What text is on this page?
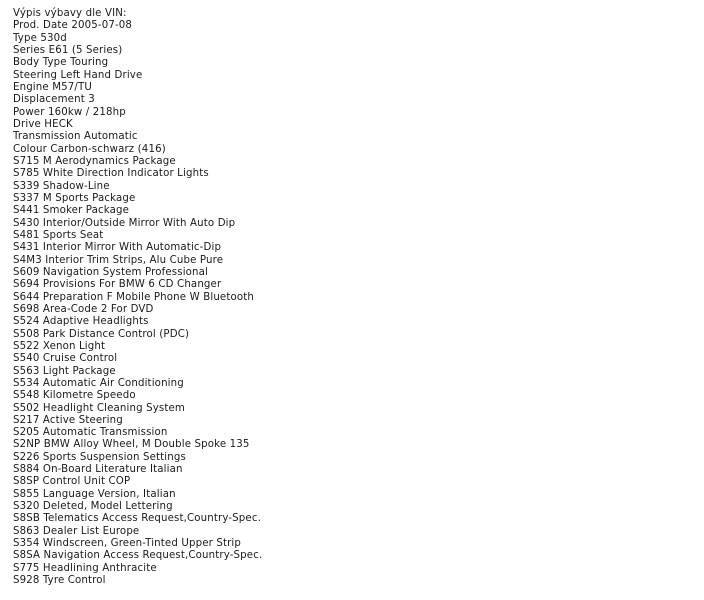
Výpis výbavy dle VIN:
Prod. Date 2005-07-08
Type 530d
Series E61 (5 Series)
Body Type Touring
Steering Left Hand Drive
Engine M57/TU
Displacement 3
Power 160kw / 218hp
Drive HECK
Transmission Automatic
Colour Carbon-schwarz (416)
S715 M Aerodynamics Package
S785 White Direction Indicator Lights
S339 Shadow-Line
S337 M Sports Package
S441 Smoker Package
S430 Interior/Outside Mirror With Auto Dip
S481 Sports Seat
S431 Interior Mirror With Automatic-Dip
S4M3 Interior Trim Strips, Alu Cube Pure
S609 Navigation System Professional
S694 Provisions For BMW 6 CD Changer
S644 Preparation F Mobile Phone W Bluetooth
S698 Area-Code 2 For DVD
S524 Adaptive Headlights
S508 Park Distance Control (PDC)
S522 Xenon Light
S540 Cruise Control
S563 Light Package
S534 Automatic Air Conditioning
S548 Kilometre Speedo
S502 Headlight Cleaning System
S217 Active Steering
S205 Automatic Transmission
S2NP BMW Alloy Wheel, M Double Spoke 135
S226 Sports Suspension Settings
S884 On-Board Literature Italian
S8SP Control Unit COP
S855 Language Version, Italian
S320 Deleted, Model Lettering
S8SB Telematics Access Request,Country-Spec.
S863 Dealer List Europe
S354 Windscreen, Green-Tinted Upper Strip
S8SA Navigation Access Request,Country-Spec.
S775 Headlining Anthracite
S928 Tyre Control
